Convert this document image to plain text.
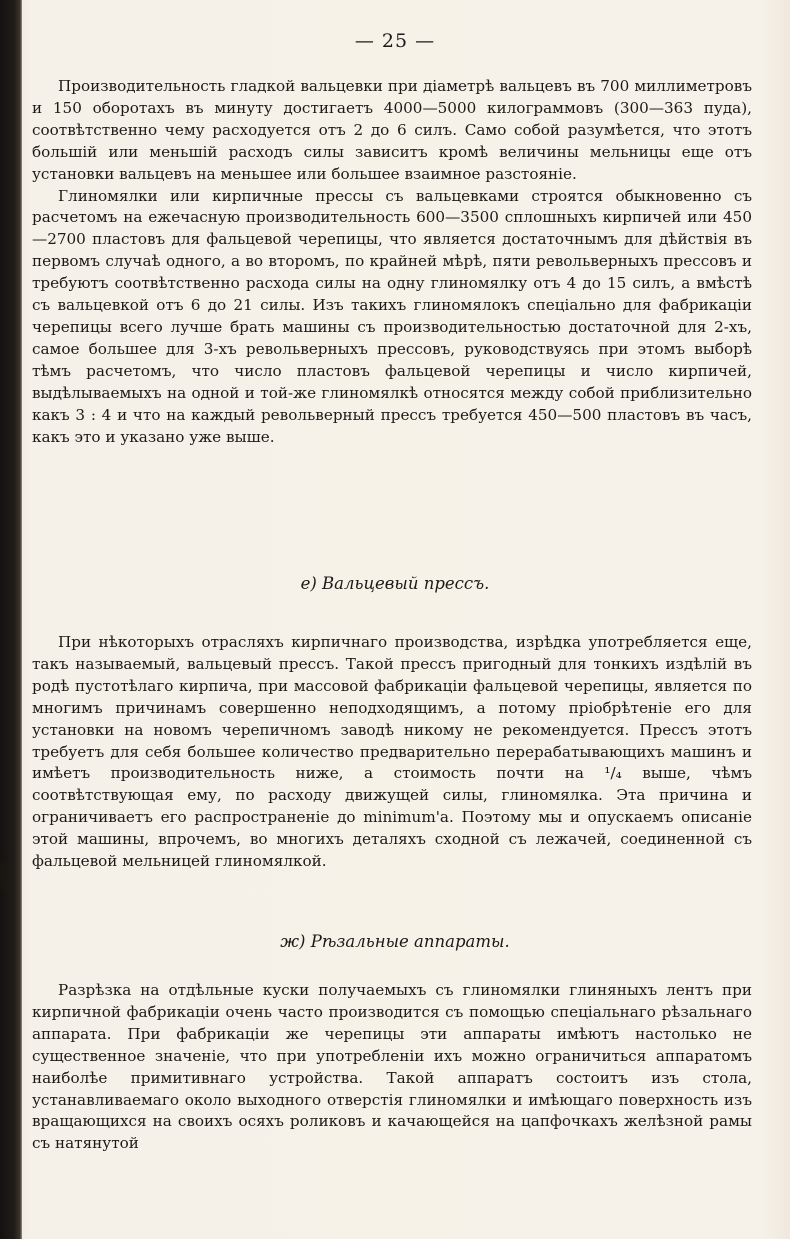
— 25 —

Производительность гладкой вальцевки при діаметрѣ вальцевъ въ 700 миллиметровъ и 150 оборотахъ въ минуту достигаетъ 4000—5000 килограммовъ (300—363 пуда), соотвѣтственно чему расходуется отъ 2 до 6 силъ. Само собой разумѣется, что этотъ большій или меньшій расходъ силы зависитъ кромѣ величины мельницы еще отъ установки вальцевъ на меньшее или большее взаимное разстояніе.

Глиномялки или кирпичные прессы съ вальцевками строятся обыкновенно съ расчетомъ на ежечасную производительность 600—3500 сплошныхъ кирпичей или 450—2700 пластовъ для фальцевой черепицы, что является достаточнымъ для дѣйствія въ первомъ случаѣ одного, а во второмъ, по крайней мѣрѣ, пяти револьверныхъ прессовъ и требуютъ соотвѣтственно расхода силы на одну глиномялку отъ 4 до 15 силъ, а вмѣстѣ съ вальцевкой отъ 6 до 21 силы. Изъ такихъ глиномялокъ спеціально для фабрикаціи черепицы всего лучше брать машины съ производительностью достаточной для 2-хъ, самое большее для 3-хъ револьверныхъ прессовъ, руководствуясь при этомъ выборѣ тѣмъ расчетомъ, что число пластовъ фальцевой черепицы и число кирпичей, выдѣлываемыхъ на одной и той-же глиномялкѣ относятся между собой приблизительно какъ 3 : 4 и что на каждый револьверный прессъ требуется 450—500 пластовъ въ часъ, какъ это и указано уже выше.

е) Вальцевый прессъ.

При нѣкоторыхъ отрасляхъ кирпичнаго производства, изрѣдка употребляется еще, такъ называемый, вальцевый прессъ. Такой прессъ пригодный для тонкихъ издѣлій въ родѣ пустотѣлаго кирпича, при массовой фабрикаціи фальцевой черепицы, является по многимъ причинамъ совершенно неподходящимъ, а потому пріобрѣтеніе его для установки на новомъ черепичномъ заводѣ никому не рекомендуется. Прессъ этотъ требуетъ для себя большее количество предварительно перерабатывающихъ машинъ и имѣетъ производительность ниже, а стоимость почти на ¹/₄ выше, чѣмъ соотвѣтствующая ему, по расходу движущей силы, глиномялка. Эта причина и ограничиваетъ его распространеніе до minimum'а. Поэтому мы и опускаемъ описаніе этой машины, впрочемъ, во многихъ деталяхъ сходной съ лежачей, соединенной съ фальцевой мельницей глиномялкой.

ж) Рѣзальные аппараты.

Разрѣзка на отдѣльные куски получаемыхъ съ глиномялки глиняныхъ лентъ при кирпичной фабрикаціи очень часто производится съ помощью спеціальнаго рѣзальнаго аппарата. При фабрикаціи же черепицы эти аппараты имѣютъ настолько не существенное значеніе, что при употребленіи ихъ можно ограничиться аппаратомъ наиболѣе примитивнаго устройства. Такой аппаратъ состоитъ изъ стола, устанавливаемаго около выходного отверстія глиномялки и имѣющаго поверхность изъ вращающихся на своихъ осяхъ роликовъ и качающейся на цапфочкахъ желѣзной рамы съ натянутой
